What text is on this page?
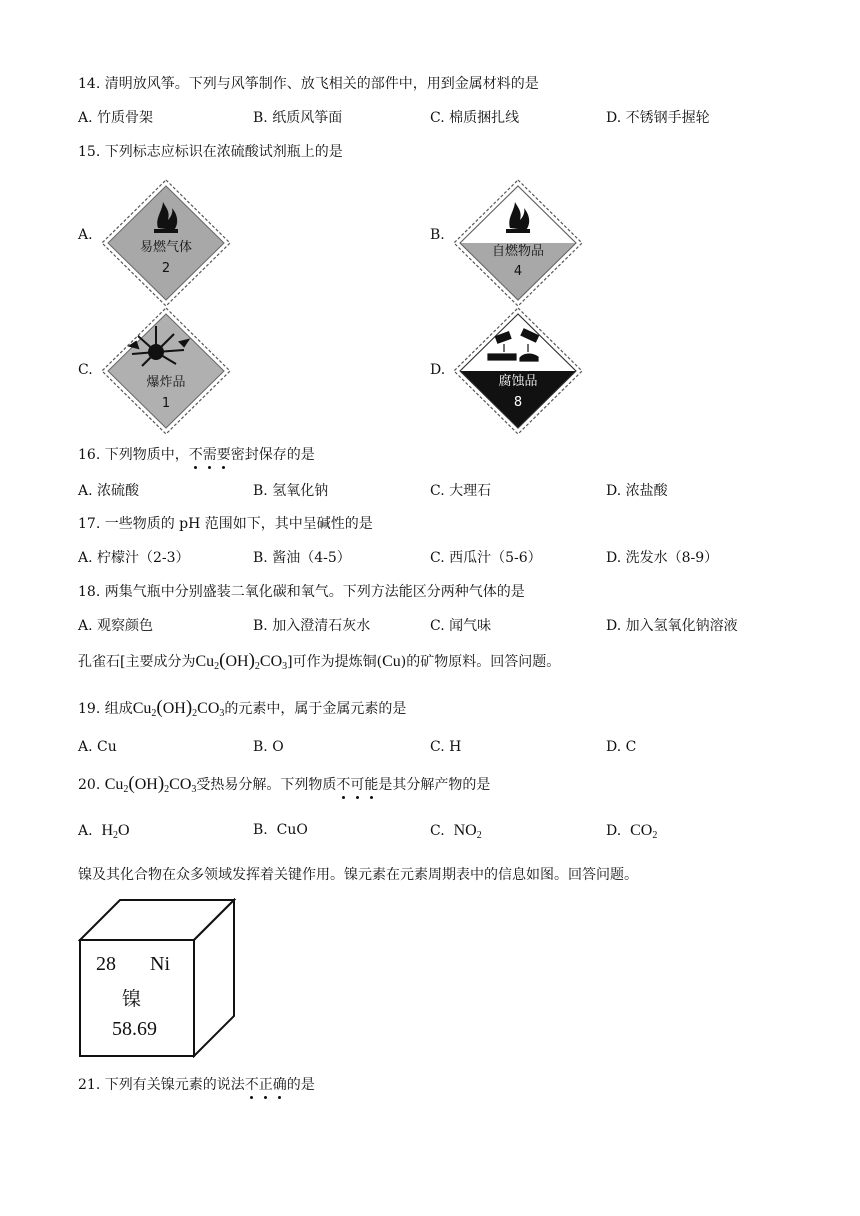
14. 清明放风筝。下列与风筝制作、放飞相关的部件中，用到金属材料的是
A. 竹质骨架	B. 纸质风筝面	C. 棉质捆扎线	D. 不锈钢手握轮
15. 下列标志应标识在浓硫酸试剂瓶上的是
A.
易燃气体
2
B.
自燃物品
4
C.
爆炸品
1
D.
腐蚀品
8
16. 下列物质中，不需要密封保存的是
A. 浓硫酸	B. 氢氧化钠	C. 大理石	D. 浓盐酸
17. 一些物质的 pH 范围如下，其中呈碱性的是
A. 柠檬汁（2-3）	B. 酱油（4-5）	C. 西瓜汁（5-6）	D. 洗发水（8-9）
18. 两集气瓶中分别盛装二氧化碳和氧气。下列方法能区分两种气体的是
A. 观察颜色	B. 加入澄清石灰水	C. 闻气味	D. 加入氢氧化钠溶液
孔雀石[主要成分为$Cu_2(OH)_2CO_3$]可作为提炼铜(Cu)的矿物原料。回答问题。
19. 组成$Cu_2(OH)_2CO_3$的元素中，属于金属元素的是
A. Cu	B. O	C. H	D. C
20. $Cu_2(OH)_2CO_3$受热易分解。下列物质不可能是其分解产物的是
A. $H_2O$	B. CuO	C. $NO_2$	D. $CO_2$
镍及其化合物在众多领域发挥着关键作用。镍元素在元素周期表中的信息如图。回答问题。
28 Ni
镍
58.69
21. 下列有关镍元素的说法不正确的是
